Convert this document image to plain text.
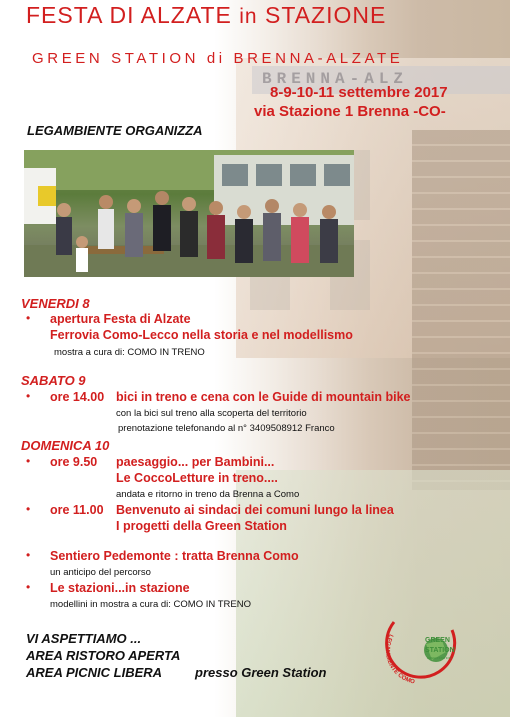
BRENNA-ALZ
FESTA DI ALZATE in STAZIONE
GREEN STATION di BRENNA-ALZATE
8-9-10-11 settembre 2017
via Stazione 1 Brenna -CO-
LEGAMBIENTE ORGANIZZA
VENERDI 8
• apertura Festa di Alzate
Ferrovia Como-Lecco nella storia e nel modellismo
mostra a cura di: COMO IN TRENO
SABATO 9
• ore 14.00 bici in treno e cena con le Guide di mountain bike
con la bici sul treno alla scoperta del territorio
prenotazione telefonando al n° 3409508912 Franco
DOMENICA 10
• ore 9.50 paesaggio... per Bambini...
Le CoccoLetture in treno....
andata e ritorno in treno da Brenna a Como
• ore 11.00 Benvenuto ai sindaci dei comuni lungo la linea
I progetti della Green Station
• Sentiero Pedemonte : tratta Brenna Como
un anticipo del percorso
• Le stazioni...in stazione
modellini in mostra a cura di: COMO IN TRENO
VI ASPETTIAMO ...
AREA RISTORO APERTA
AREA PICNIC LIBERA	presso Green Station
GREEN
STATION
GREEN STATION
LEGAMBIENTE COMO
